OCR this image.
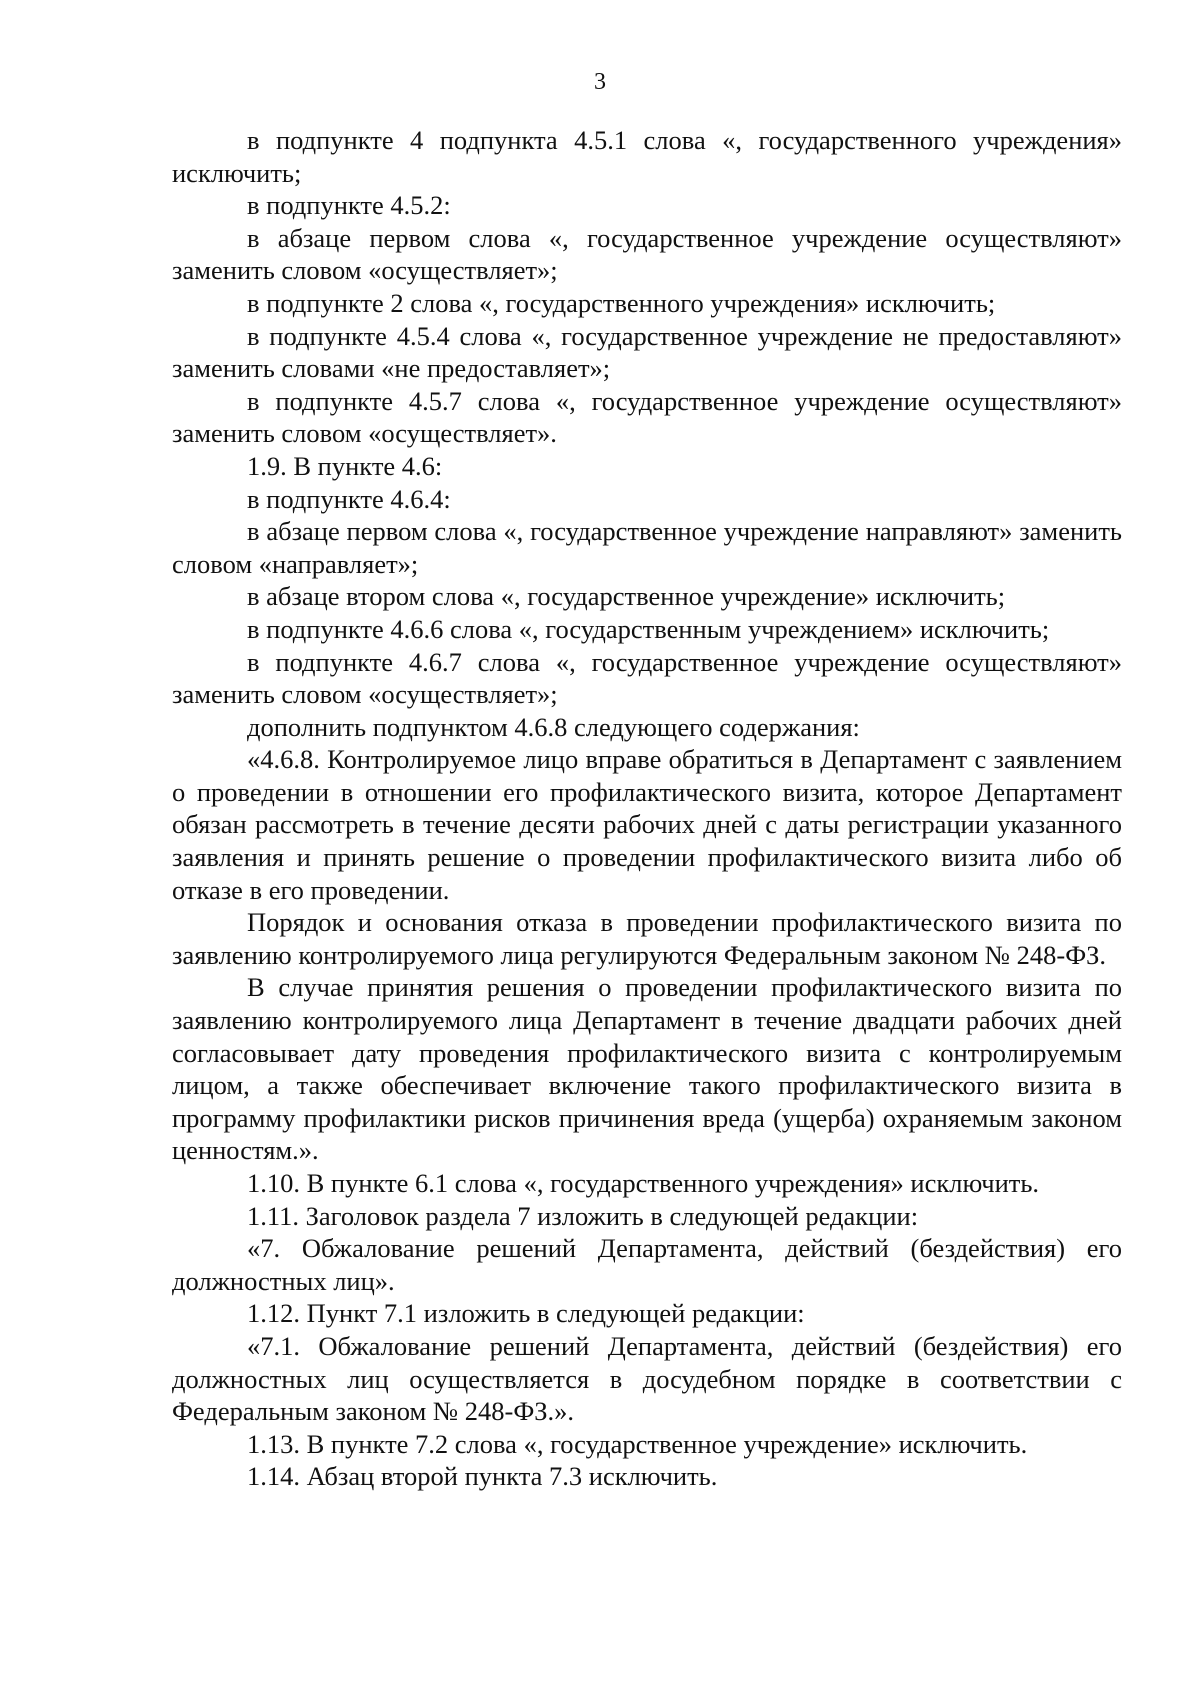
3

в подпункте 4 подпункта 4.5.1 слова «, государственного учреждения» исключить;

в подпункте 4.5.2:

в абзаце первом слова «, государственное учреждение осуществляют» заменить словом «осуществляет»;

в подпункте 2 слова «, государственного учреждения» исключить;

в подпункте 4.5.4 слова «, государственное учреждение не предоставляют» заменить словами «не предоставляет»;

в подпункте 4.5.7 слова «, государственное учреждение осуществляют» заменить словом «осуществляет».

1.9. В пункте 4.6:

в подпункте 4.6.4:

в абзаце первом слова «, государственное учреждение направляют» заменить словом «направляет»;

в абзаце втором слова «, государственное учреждение» исключить;

в подпункте 4.6.6 слова «, государственным учреждением» исключить;

в подпункте 4.6.7 слова «, государственное учреждение осуществляют» заменить словом «осуществляет»;

дополнить подпунктом 4.6.8 следующего содержания:

«4.6.8. Контролируемое лицо вправе обратиться в Департамент с заявлением о проведении в отношении его профилактического визита, которое Департамент обязан рассмотреть в течение десяти рабочих дней с даты регистрации указанного заявления и принять решение о проведении профилактического визита либо об отказе в его проведении.

Порядок и основания отказа в проведении профилактического визита по заявлению контролируемого лица регулируются Федеральным законом № 248-ФЗ.

В случае принятия решения о проведении профилактического визита по заявлению контролируемого лица Департамент в течение двадцати рабочих дней согласовывает дату проведения профилактического визита с контролируемым лицом, а также обеспечивает включение такого профилактического визита в программу профилактики рисков причинения вреда (ущерба) охраняемым законом ценностям.».

1.10. В пункте 6.1 слова «, государственного учреждения» исключить.

1.11. Заголовок раздела 7 изложить в следующей редакции:

«7. Обжалование решений Департамента, действий (бездействия) его должностных лиц».

1.12. Пункт 7.1 изложить в следующей редакции:

«7.1. Обжалование решений Департамента, действий (бездействия) его должностных лиц осуществляется в досудебном порядке в соответствии с Федеральным законом № 248-ФЗ.».

1.13. В пункте 7.2 слова «, государственное учреждение» исключить.

1.14. Абзац второй пункта 7.3 исключить.
